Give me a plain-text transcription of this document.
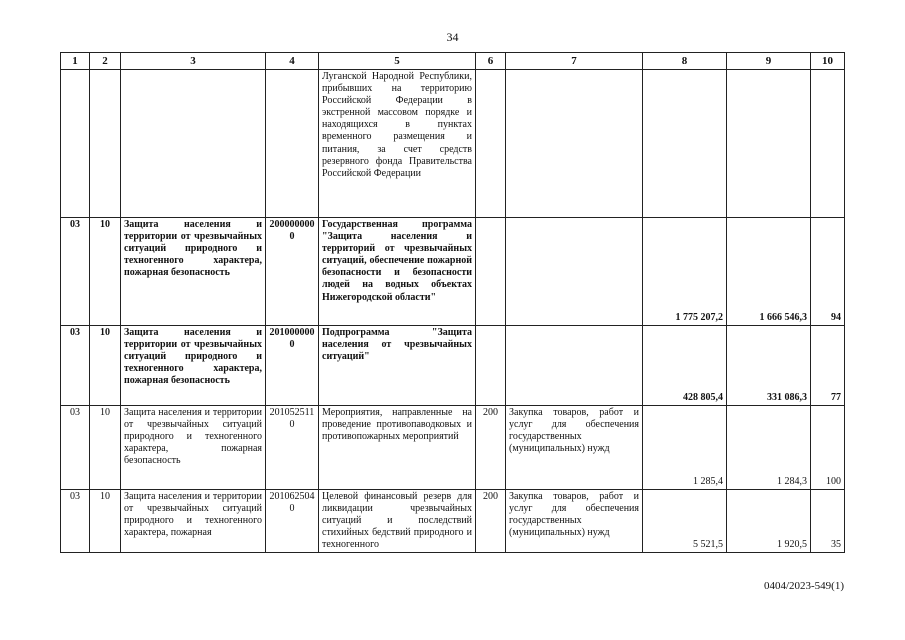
34
1	2	3	4	5	6	7	8	9	10
				Луганской Народной Республики, прибывших на территорию Российской Федерации в экстренной массовом порядке и находящихся в пунктах временного размещения и питания, за счет средств резервного фонда Правительства Российской Федерации					
03	10	Защита населения и территории от чрезвычайных ситуаций природного и техногенного характера, пожарная безопасность	2000000000	Государственная программа "Защита населения и территорий от чрезвычайных ситуаций, обеспечение пожарной безопасности и безопасности людей на водных объектах Нижегородской области"			1 775 207,2	1 666 546,3	94
03	10	Защита населения и территории от чрезвычайных ситуаций природного и техногенного характера, пожарная безопасность	2010000000	Подпрограмма "Защита населения от чрезвычайных ситуаций"			428 805,4	331 086,3	77
03	10	Защита населения и территории от чрезвычайных ситуаций природного и техногенного характера, пожарная безопасность	2010525110	Мероприятия, направленные на проведение противопаводковых и противопожарных мероприятий	200	Закупка товаров, работ и услуг для обеспечения государственных (муниципальных) нужд	1 285,4	1 284,3	100
03	10	Защита населения и территории от чрезвычайных ситуаций природного и техногенного характера, пожарная	2010625040	Целевой финансовый резерв для ликвидации чрезвычайных ситуаций и последствий стихийных бедствий природного и техногенного	200	Закупка товаров, работ и услуг для обеспечения государственных (муниципальных) нужд	5 521,5	1 920,5	35
0404/2023-549(1)
